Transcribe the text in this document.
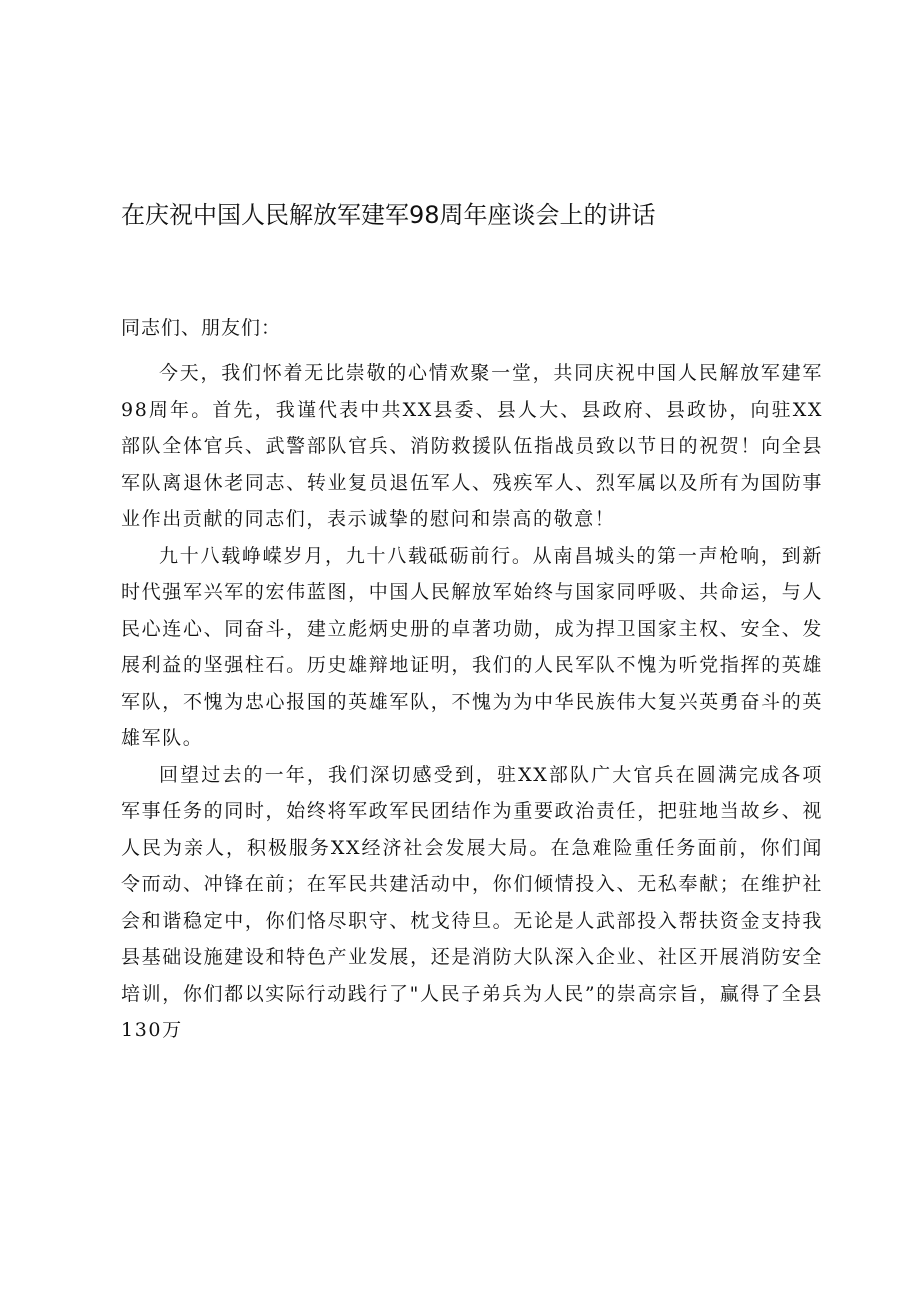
在庆祝中国人民解放军建军98周年座谈会上的讲话

同志们、朋友们：

今天，我们怀着无比崇敬的心情欢聚一堂，共同庆祝中国人民解放军建军98周年。首先，我谨代表中共XX县委、县人大、县政府、县政协，向驻XX部队全体官兵、武警部队官兵、消防救援队伍指战员致以节日的祝贺！向全县军队离退休老同志、转业复员退伍军人、残疾军人、烈军属以及所有为国防事业作出贡献的同志们，表示诚挚的慰问和崇高的敬意！

九十八载峥嵘岁月，九十八载砥砺前行。从南昌城头的第一声枪响，到新时代强军兴军的宏伟蓝图，中国人民解放军始终与国家同呼吸、共命运，与人民心连心、同奋斗，建立彪炳史册的卓著功勋，成为捍卫国家主权、安全、发展利益的坚强柱石。历史雄辩地证明，我们的人民军队不愧为听党指挥的英雄军队，不愧为忠心报国的英雄军队，不愧为为中华民族伟大复兴英勇奋斗的英雄军队。

回望过去的一年，我们深切感受到，驻XX部队广大官兵在圆满完成各项军事任务的同时，始终将军政军民团结作为重要政治责任，把驻地当故乡、视人民为亲人，积极服务XX经济社会发展大局。在急难险重任务面前，你们闻令而动、冲锋在前；在军民共建活动中，你们倾情投入、无私奉献；在维护社会和谐稳定中，你们恪尽职守、枕戈待旦。无论是人武部投入帮扶资金支持我县基础设施建设和特色产业发展，还是消防大队深入企业、社区开展消防安全培训，你们都以实际行动践行了"人民子弟兵为人民”的崇高宗旨，赢得了全县130万
